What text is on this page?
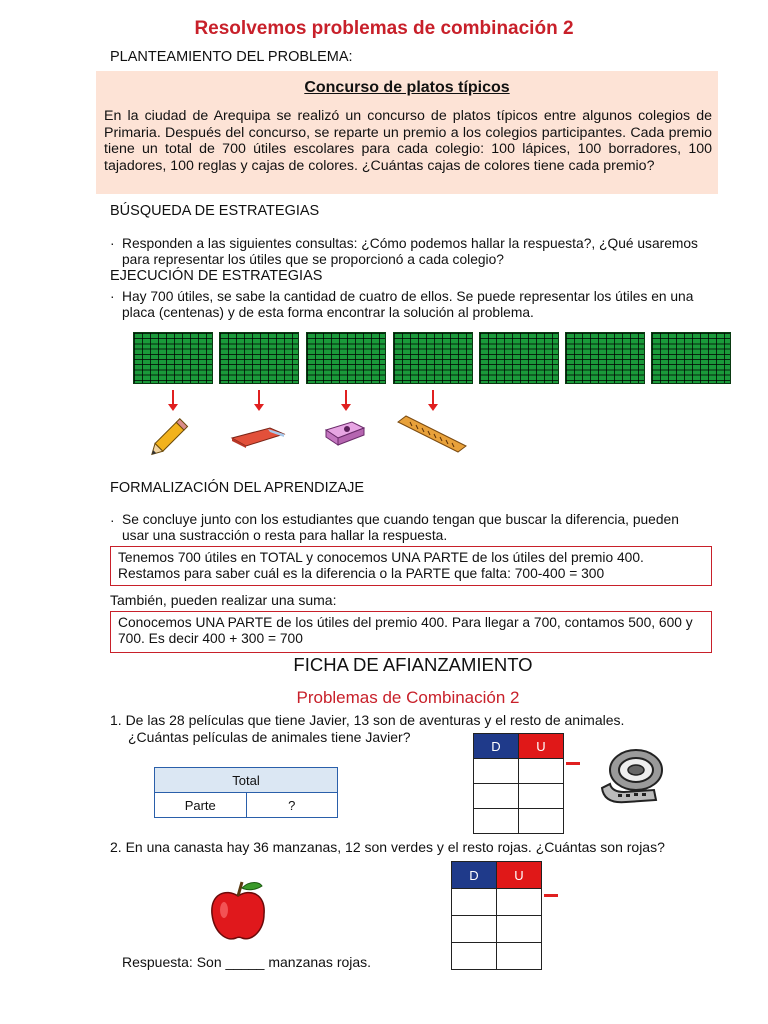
Resolvemos problemas de combinación 2
PLANTEAMIENTO DEL PROBLEMA:
Concurso de platos típicos
En la ciudad de Arequipa se realizó un concurso de platos típicos entre algunos colegios de Primaria. Después del concurso, se reparte un premio a los colegios participantes. Cada premio tiene un total de 700 útiles escolares para cada colegio: 100 lápices, 100 borradores, 100 tajadores, 100 reglas y cajas de colores. ¿Cuántas cajas de colores tiene cada premio?
BÚSQUEDA DE ESTRATEGIAS
· Responden a las siguientes consultas: ¿Cómo podemos hallar la respuesta?, ¿Qué usaremos para representar los útiles que se proporcionó a cada colegio?
EJECUCIÓN DE ESTRATEGIAS
· Hay 700 útiles, se sabe la cantidad de cuatro de ellos. Se puede representar los útiles en una placa (centenas) y de esta forma encontrar la solución al problema.
FORMALIZACIÓN DEL APRENDIZAJE
· Se concluye junto con los estudiantes que cuando tengan que buscar la diferencia, pueden usar una sustracción o resta para hallar la respuesta.
Tenemos 700 útiles en TOTAL y conocemos UNA PARTE de los útiles del premio 400. Restamos para saber cuál es la diferencia o la PARTE que falta: 700-400 = 300
También, pueden realizar una suma:
Conocemos UNA PARTE de los útiles del premio 400. Para llegar a 700, contamos 500, 600 y 700. Es decir 400 + 300 = 700
FICHA DE AFIANZAMIENTO
Problemas de Combinación 2
1. De las 28 películas que tiene Javier, 13 son de aventuras y el resto de animales.
¿Cuántas películas de animales tiene Javier?
Total
Parte	?
D	U

2. En una canasta hay 36 manzanas, 12 son verdes y el resto rojas. ¿Cuántas son rojas?
D	U

Respuesta: Son _____ manzanas rojas.
